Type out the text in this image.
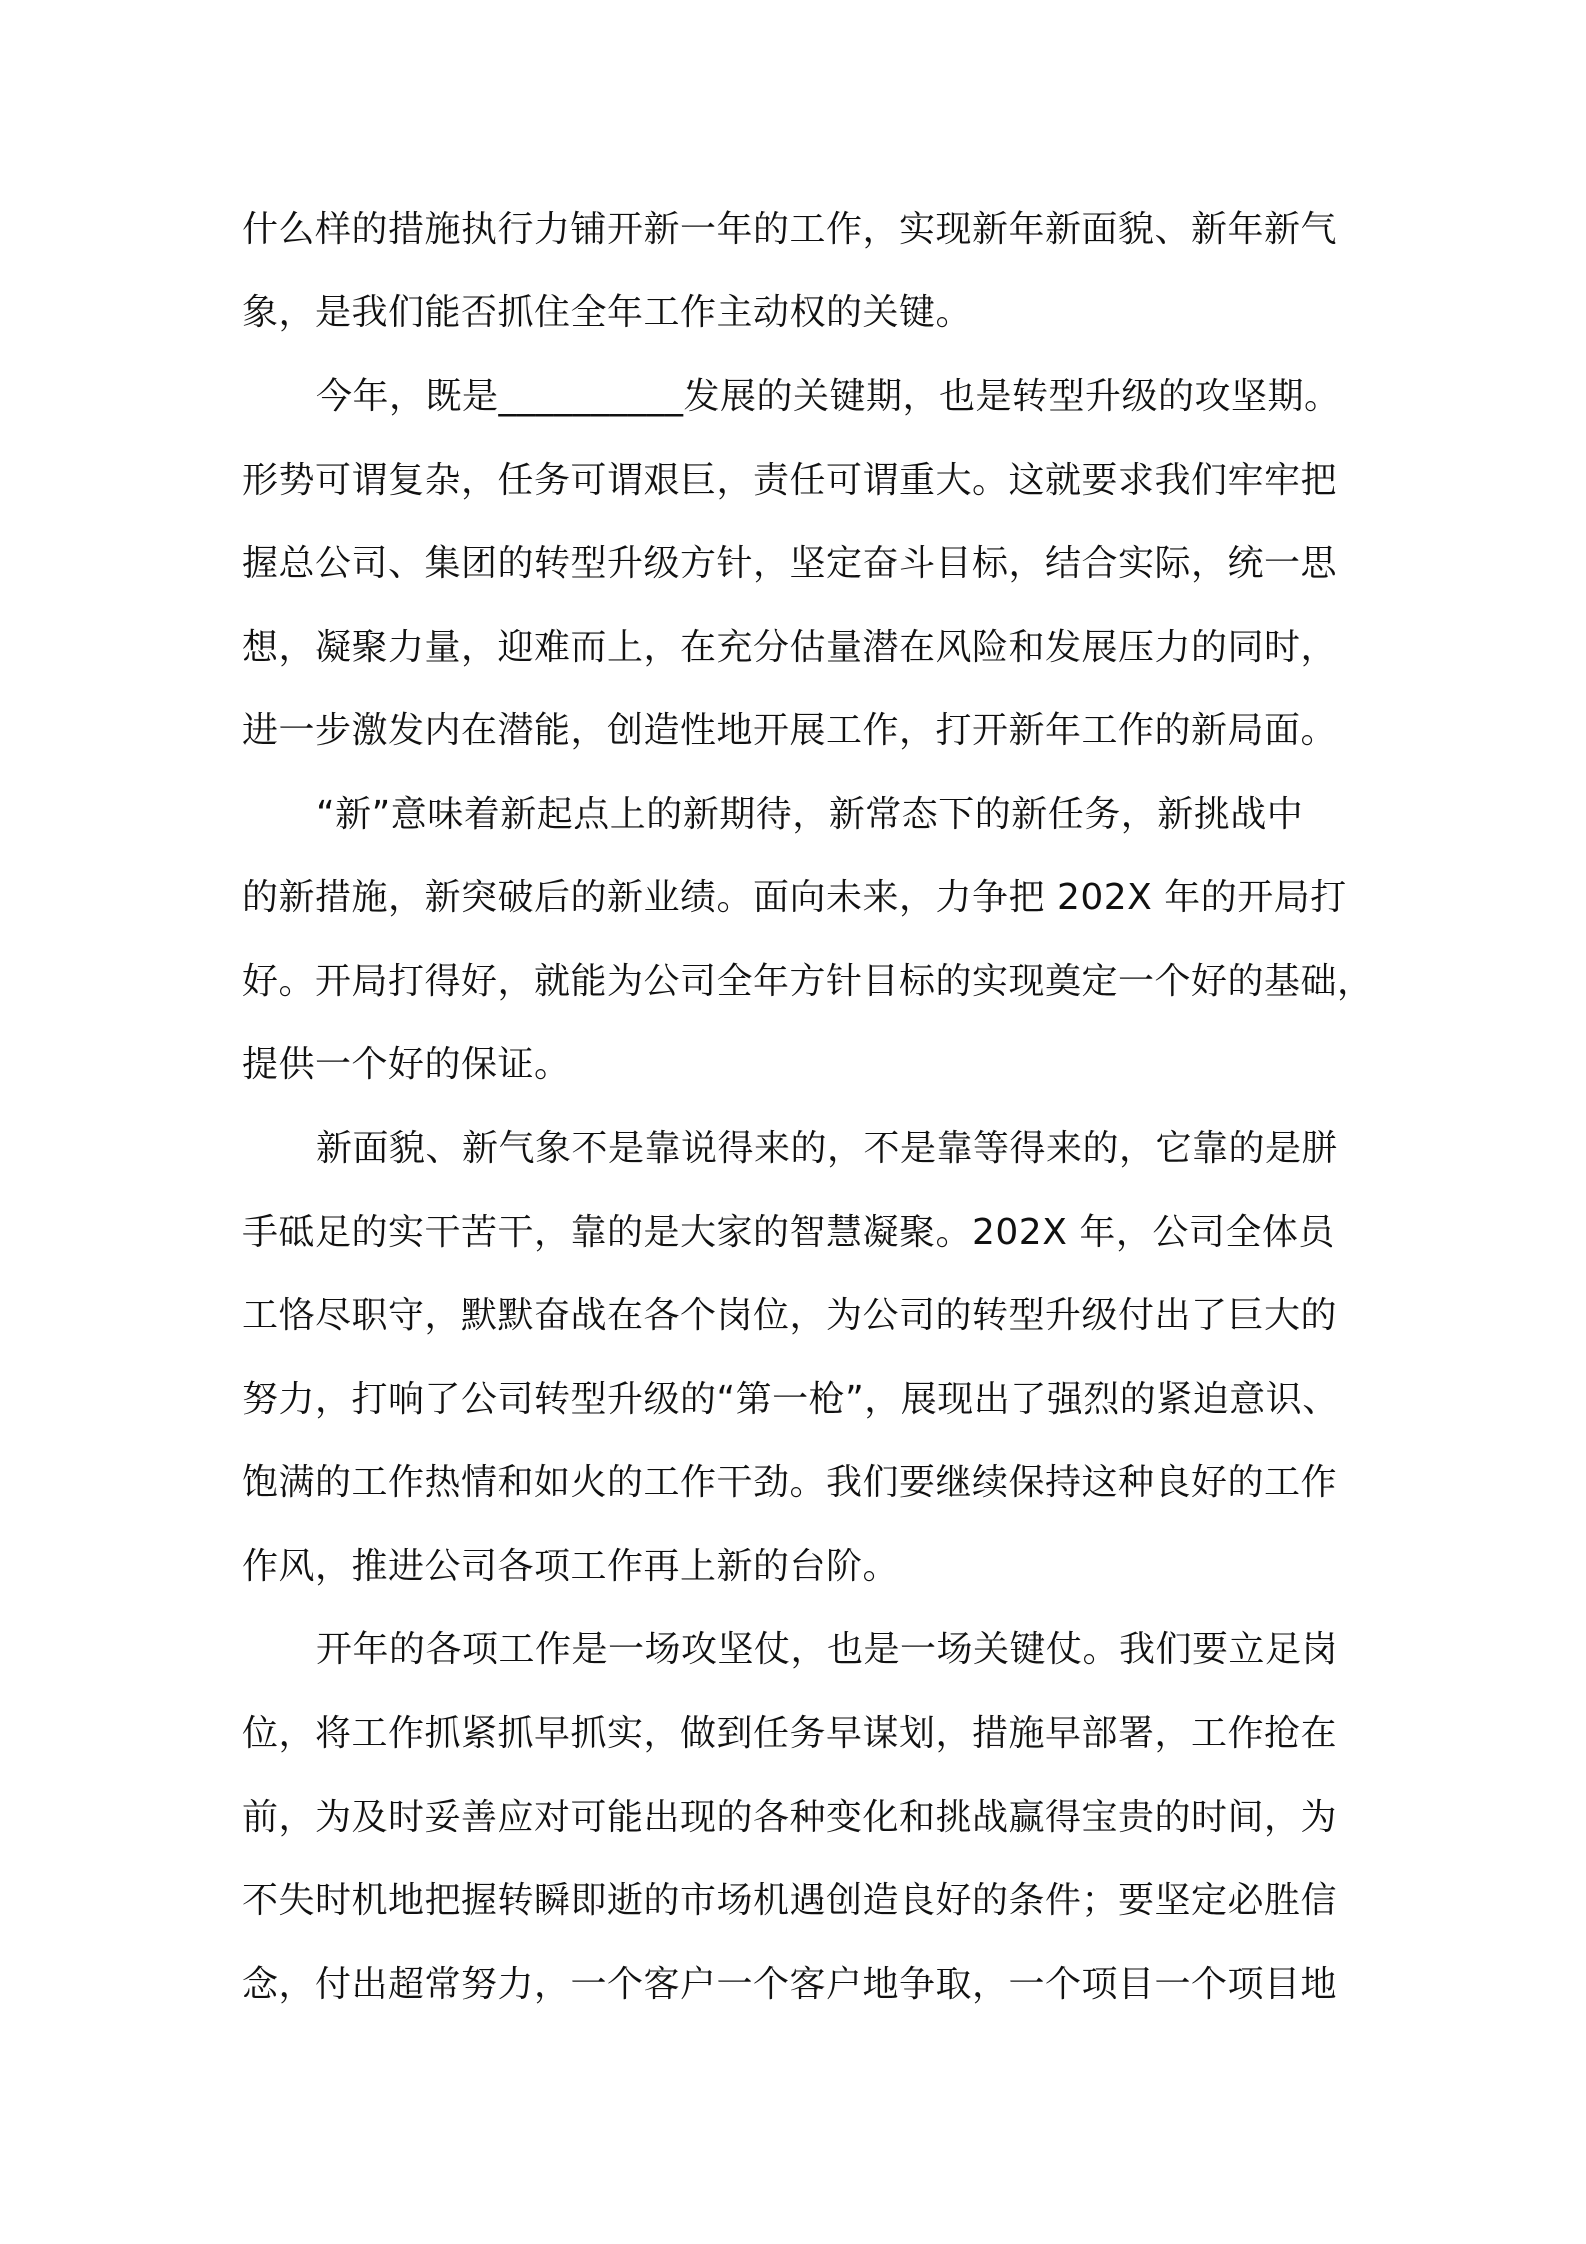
什么样的措施执行力铺开新一年的工作，实现新年新面貌、新年新气
象，是我们能否抓住全年工作主动权的关键。
今年，既是__________发展的关键期，也是转型升级的攻坚期。
形势可谓复杂，任务可谓艰巨，责任可谓重大。这就要求我们牢牢把
握总公司、集团的转型升级方针，坚定奋斗目标，结合实际，统一思
想，凝聚力量，迎难而上，在充分估量潜在风险和发展压力的同时，
进一步激发内在潜能，创造性地开展工作，打开新年工作的新局面。
“新”意味着新起点上的新期待，新常态下的新任务，新挑战中
的新措施，新突破后的新业绩。面向未来，力争把 202X 年的开局打
好。开局打得好，就能为公司全年方针目标的实现奠定一个好的基础，
提供一个好的保证。
新面貌、新气象不是靠说得来的，不是靠等得来的，它靠的是胼
手砥足的实干苦干，靠的是大家的智慧凝聚。202X 年，公司全体员
工恪尽职守，默默奋战在各个岗位，为公司的转型升级付出了巨大的
努力，打响了公司转型升级的“第一枪”，展现出了强烈的紧迫意识、
饱满的工作热情和如火的工作干劲。我们要继续保持这种良好的工作
作风，推进公司各项工作再上新的台阶。
开年的各项工作是一场攻坚仗，也是一场关键仗。我们要立足岗
位，将工作抓紧抓早抓实，做到任务早谋划，措施早部署，工作抢在
前，为及时妥善应对可能出现的各种变化和挑战赢得宝贵的时间，为
不失时机地把握转瞬即逝的市场机遇创造良好的条件；要坚定必胜信
念，付出超常努力，一个客户一个客户地争取，一个项目一个项目地
